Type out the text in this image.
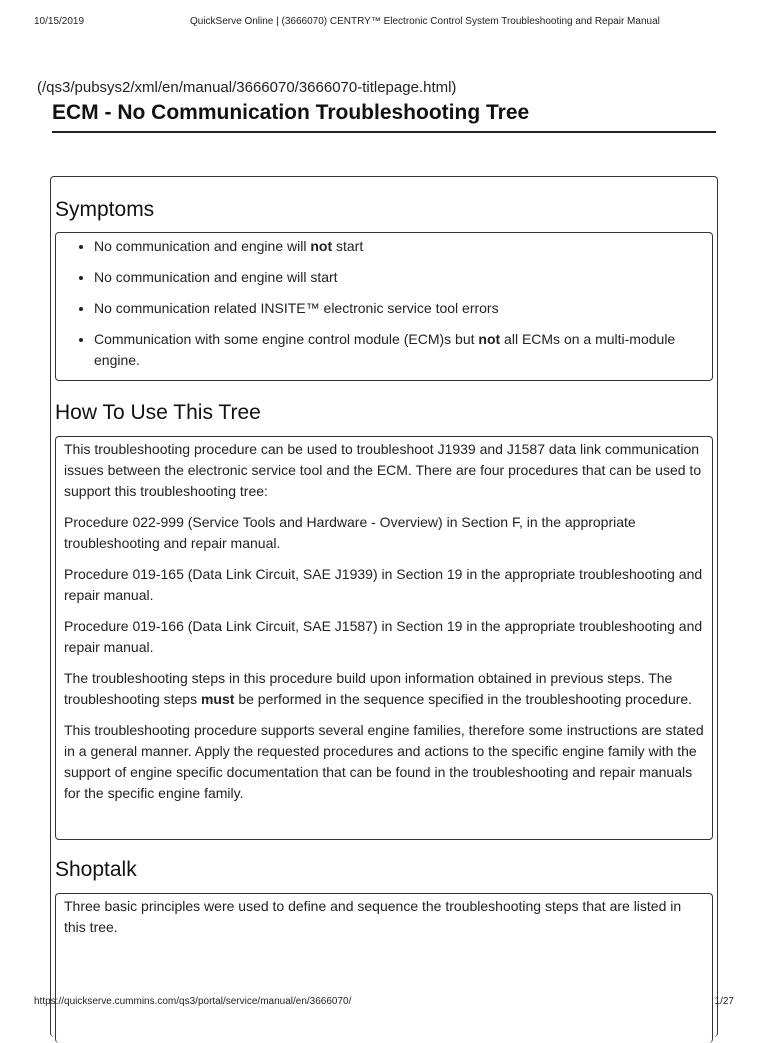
10/15/2019	QuickServe Online | (3666070) CENTRY™ Electronic Control System Troubleshooting and Repair Manual
(/qs3/pubsys2/xml/en/manual/3666070/3666070-titlepage.html)
ECM - No Communication Troubleshooting Tree
Symptoms
• No communication and engine will not start
• No communication and engine will start
• No communication related INSITE™ electronic service tool errors
• Communication with some engine control module (ECM)s but not all ECMs on a multi-module engine.
How To Use This Tree

This troubleshooting procedure can be used to troubleshoot J1939 and J1587 data link communication issues between the electronic service tool and the ECM. There are four procedures that can be used to support this troubleshooting tree:

Procedure 022-999 (Service Tools and Hardware - Overview) in Section F, in the appropriate troubleshooting and repair manual.

Procedure 019-165 (Data Link Circuit, SAE J1939) in Section 19 in the appropriate troubleshooting and repair manual.

Procedure 019-166 (Data Link Circuit, SAE J1587) in Section 19 in the appropriate troubleshooting and repair manual.

The troubleshooting steps in this procedure build upon information obtained in previous steps. The troubleshooting steps must be performed in the sequence specified in the troubleshooting procedure.

This troubleshooting procedure supports several engine families, therefore some instructions are stated in a general manner. Apply the requested procedures and actions to the specific engine family with the support of engine specific documentation that can be found in the troubleshooting and repair manuals for the specific engine family.

Shoptalk

Three basic principles were used to define and sequence the troubleshooting steps that are listed in this tree.

https://quickserve.cummins.com/qs3/portal/service/manual/en/3666070/	1/27
